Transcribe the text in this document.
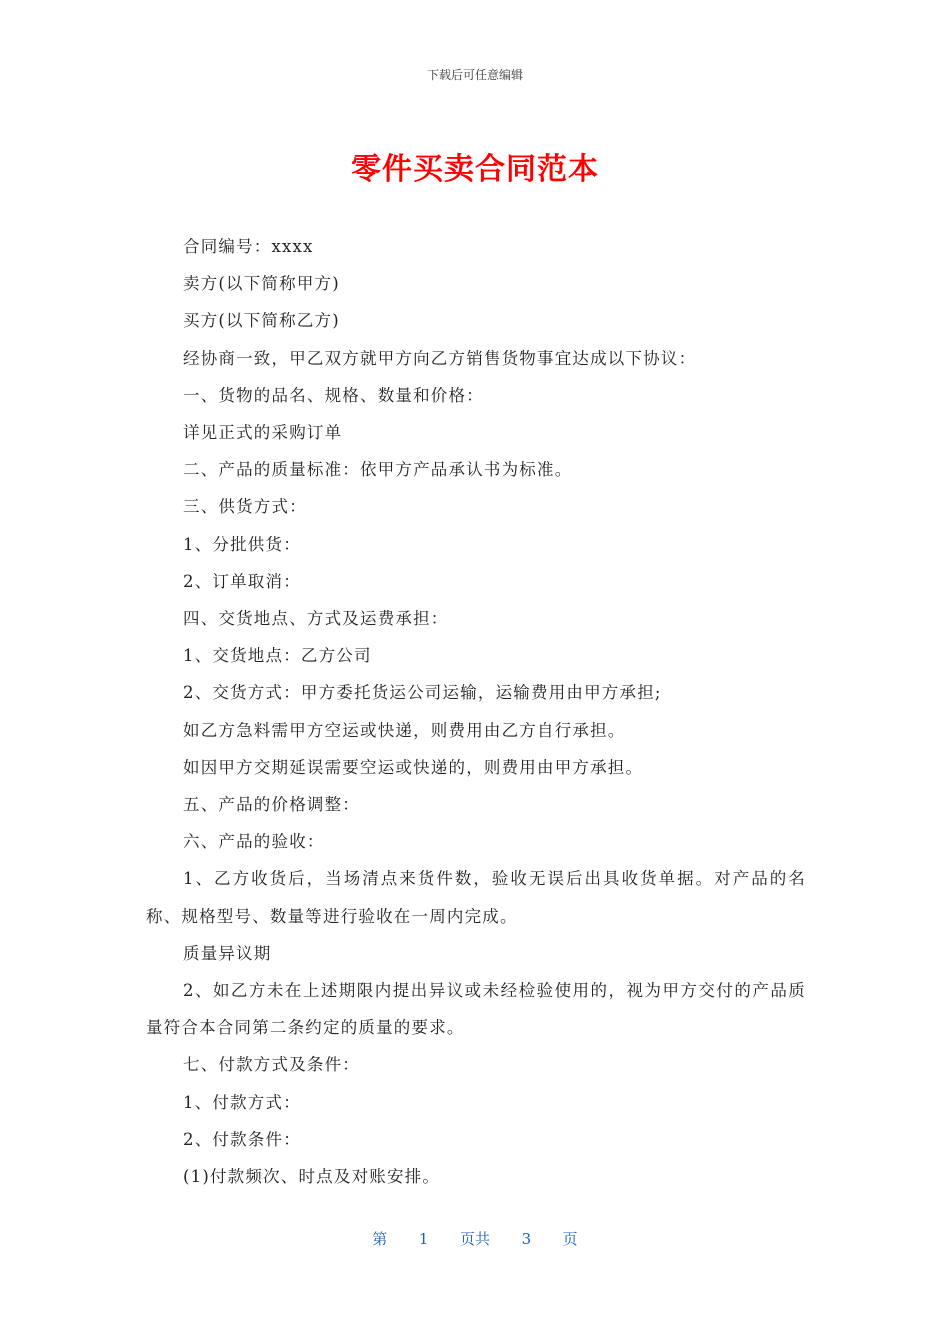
下载后可任意编辑
零件买卖合同范本

合同编号：xxxx

卖方(以下简称甲方)

买方(以下简称乙方)

经协商一致，甲乙双方就甲方向乙方销售货物事宜达成以下协议：

一、货物的品名、规格、数量和价格：

详见正式的采购订单

二、产品的质量标准：依甲方产品承认书为标准。

三、供货方式：

1、分批供货：

2、订单取消：

四、交货地点、方式及运费承担：

1、交货地点：乙方公司

2、交货方式：甲方委托货运公司运输，运输费用由甲方承担;

如乙方急料需甲方空运或快递，则费用由乙方自行承担。

如因甲方交期延误需要空运或快递的，则费用由甲方承担。

五、产品的价格调整：

六、产品的验收：

1、乙方收货后，当场清点来货件数，验收无误后出具收货单据。对产品的名称、规格型号、数量等进行验收在一周内完成。

质量异议期

2、如乙方未在上述期限内提出异议或未经检验使用的，视为甲方交付的产品质量符合本合同第二条约定的质量的要求。

七、付款方式及条件：

1、付款方式：

2、付款条件：

(1)付款频次、时点及对账安排。

第 1 页共 3 页
